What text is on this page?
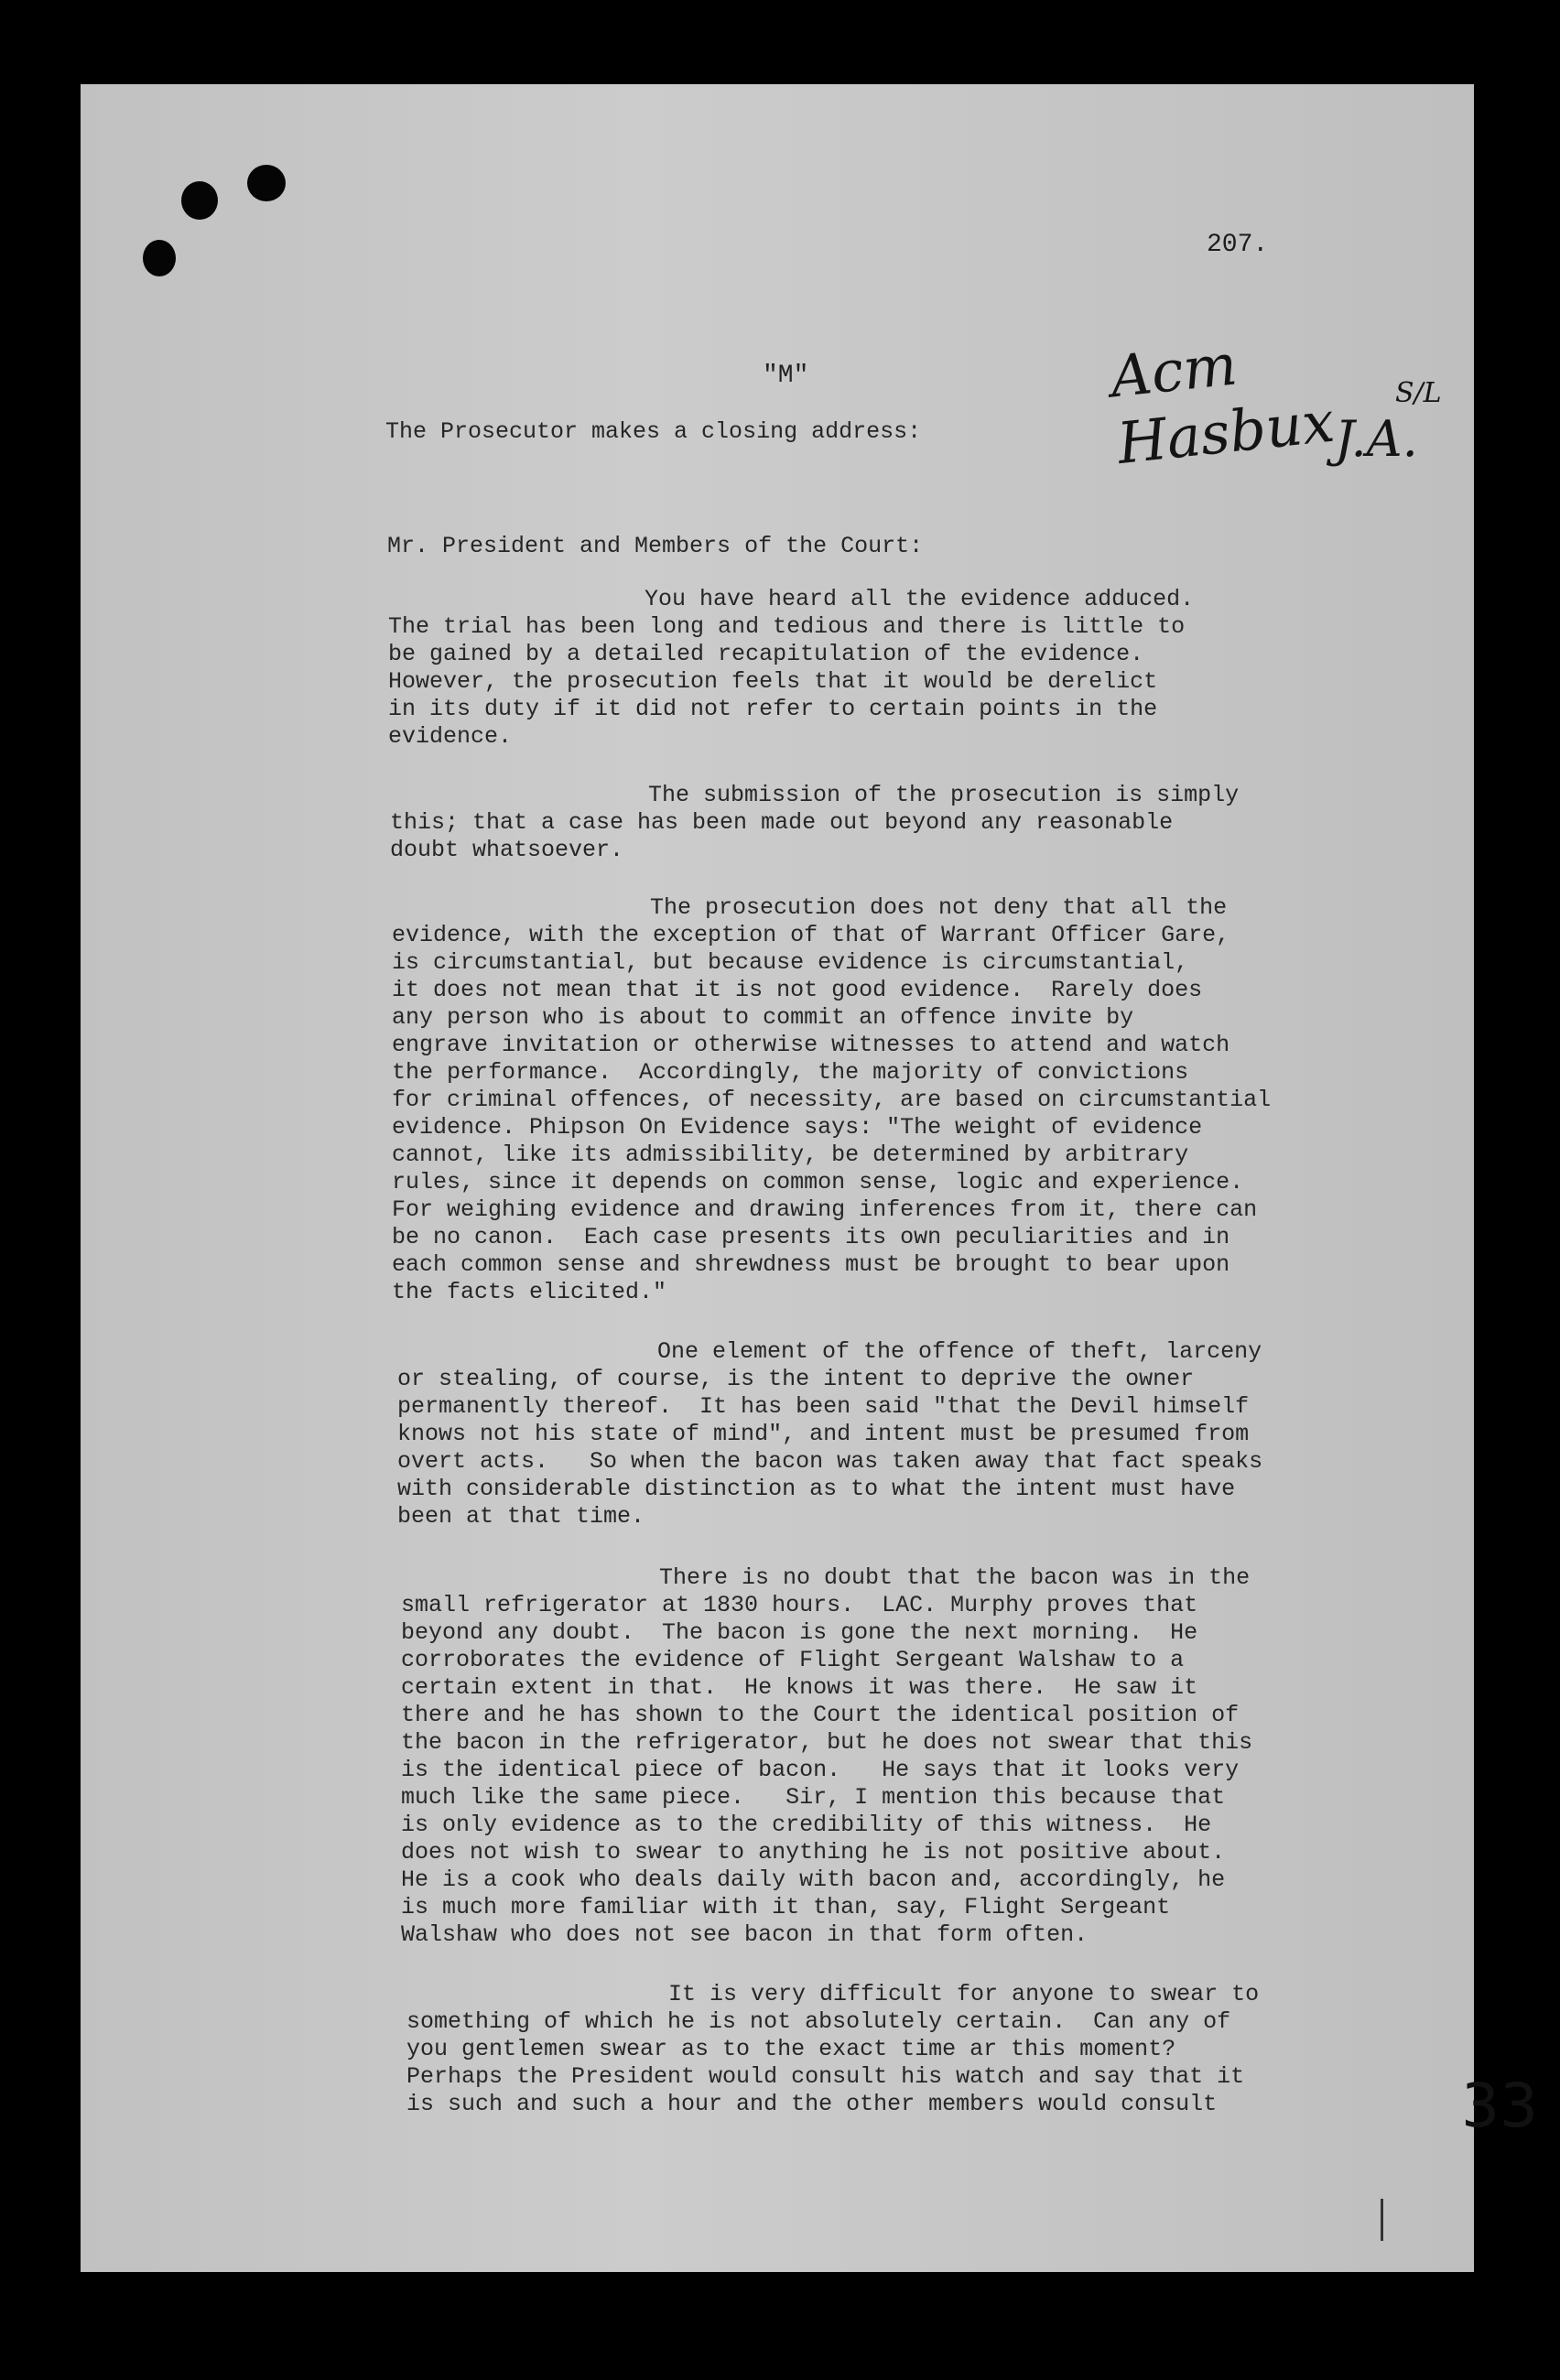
207.
"M"	Acm Hasbux	S/L
J.A.
The Prosecutor makes a closing address:
Mr. President and Members of the Court:
You have heard all the evidence adduced.
The trial has been long and tedious and there is little to
be gained by a detailed recapitulation of the evidence.
However, the prosecution feels that it would be derelict
in its duty if it did not refer to certain points in the
evidence.
The submission of the prosecution is simply
this; that a case has been made out beyond any reasonable
doubt whatsoever.
The prosecution does not deny that all the
evidence, with the exception of that of Warrant Officer Gare,
is circumstantial, but because evidence is circumstantial,
it does not mean that it is not good evidence.  Rarely does
any person who is about to commit an offence invite by
engrave invitation or otherwise witnesses to attend and watch
the performance.  Accordingly, the majority of convictions
for criminal offences, of necessity, are based on circumstantial
evidence. Phipson On Evidence says: "The weight of evidence
cannot, like its admissibility, be determined by arbitrary
rules, since it depends on common sense, logic and experience.
For weighing evidence and drawing inferences from it, there can
be no canon.  Each case presents its own peculiarities and in
each common sense and shrewdness must be brought to bear upon
the facts elicited."
One element of the offence of theft, larceny
or stealing, of course, is the intent to deprive the owner
permanently thereof.  It has been said "that the Devil himself
knows not his state of mind", and intent must be presumed from
overt acts.   So when the bacon was taken away that fact speaks
with considerable distinction as to what the intent must have
been at that time.
There is no doubt that the bacon was in the
small refrigerator at 1830 hours.  LAC. Murphy proves that
beyond any doubt.  The bacon is gone the next morning.  He
corroborates the evidence of Flight Sergeant Walshaw to a
certain extent in that.  He knows it was there.  He saw it
there and he has shown to the Court the identical position of
the bacon in the refrigerator, but he does not swear that this
is the identical piece of bacon.   He says that it looks very
much like the same piece.   Sir, I mention this because that
is only evidence as to the credibility of this witness.  He
does not wish to swear to anything he is not positive about.
He is a cook who deals daily with bacon and, accordingly, he
is much more familiar with it than, say, Flight Sergeant
Walshaw who does not see bacon in that form often.
It is very difficult for anyone to swear to
something of which he is not absolutely certain.  Can any of
you gentlemen swear as to the exact time ar this moment?
Perhaps the President would consult his watch and say that it
is such and such a hour and the other members would consult	33
